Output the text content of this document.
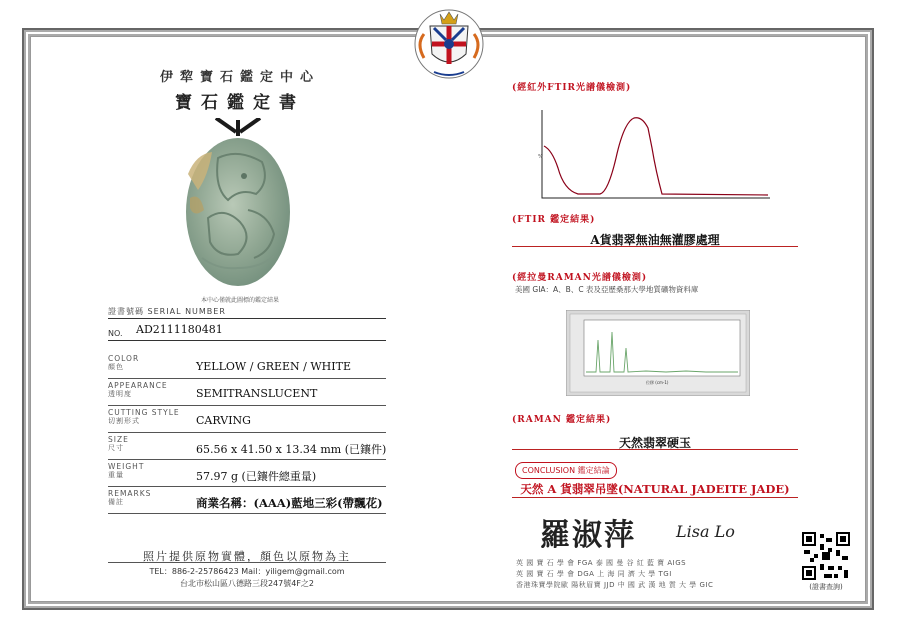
伊犂寶石鑑定中心
寶石鑑定書
本中心僅就此圖標的鑑定結果
證書號碼 SERIAL NUMBER
NO. AD2111180481
COLOR
顏色	YELLOW / GREEN / WHITE
APPEARANCE
透明度	SEMITRANSLUCENT
CUTTING STYLE
切割形式	CARVING
SIZE
尺寸	65.56 x 41.50 x 13.34 mm (已鑲件)
WEIGHT
重量	57.97 g (已鑲件總重量)
REMARKS
備註	商業名稱：(AAA)藍地三彩(帶飄花)
照片提供原物實體，顏色以原物為主
TEL：886-2-25786423 Mail：yiligem@gmail.com
台北市松山區八德路三段247號4F之2
(經紅外FTIR光譜儀檢測)
%
(FTIR 鑑定結果)
A貨翡翠無油無灌膠處理
(經拉曼RAMAN光譜儀檢測)
美國 GIA：A、B、C 表及亞歷桑那大學地質礦物資料庫
位移 (cm-1)
(RAMAN 鑑定結果)
天然翡翠硬玉
CONCLUSION 鑑定結論
天然 A 貨翡翠吊墜(NATURAL JADEITE JADE)
羅淑萍	Lisa Lo
英 國 寶 石 學 會 FGA 泰 國 曼 谷 紅 藍 寶 AIGS
英 國 寶 石 學 會 DGA 上 海 同 濟 大 學 TGI
香港珠寶學院歐 陽秋眉寶 JJD 中 國 武 漢 地 質 大 學 GIC	(證書查詢)
